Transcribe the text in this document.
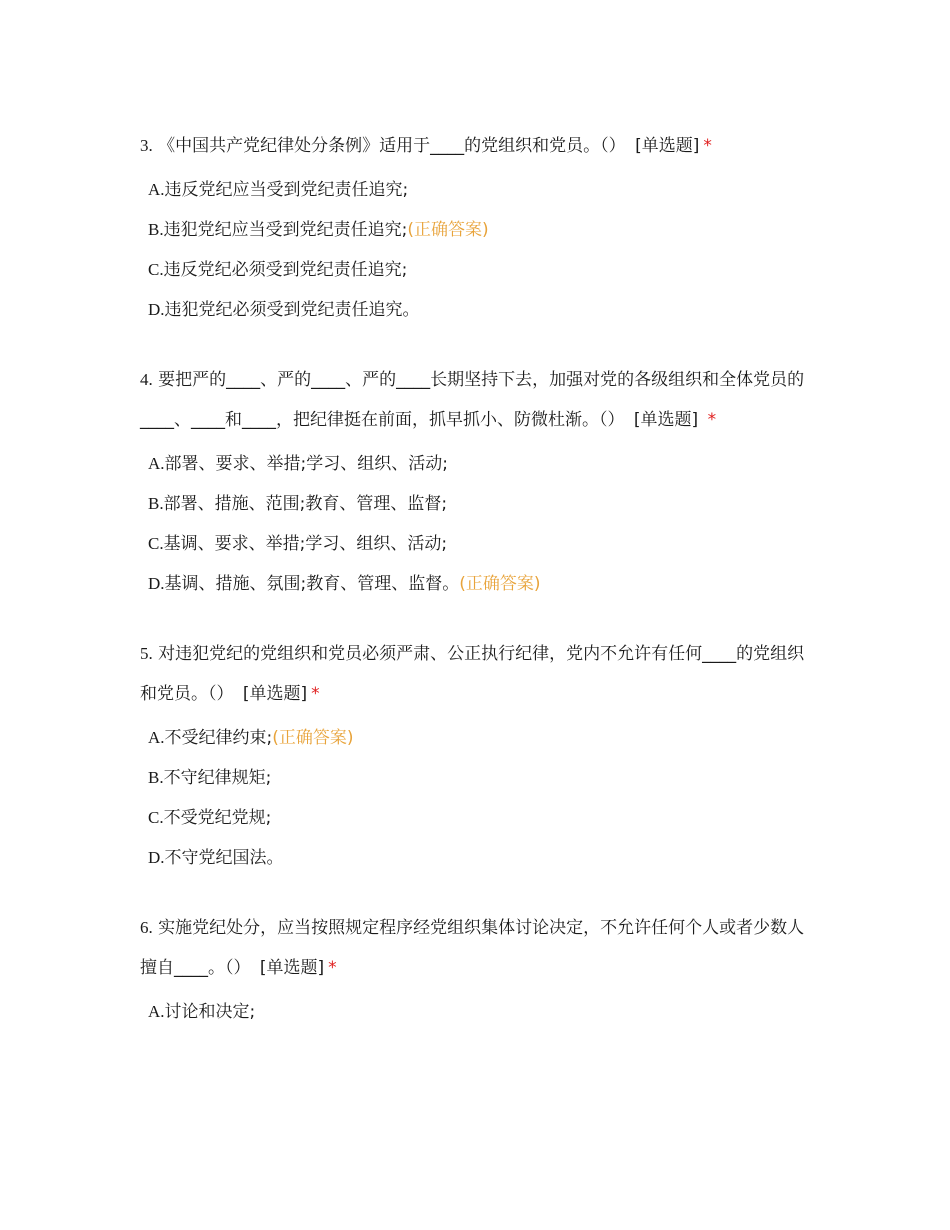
3. 《中国共产党纪律处分条例》适用于____的党组织和党员。（） [单选题] *

A.违反党纪应当受到党纪责任追究;

B.违犯党纪应当受到党纪责任追究;(正确答案)

C.违反党纪必须受到党纪责任追究;

D.违犯党纪必须受到党纪责任追究。

4. 要把严的____、严的____、严的____长期坚持下去，加强对党的各级组织和全体党员的____、____和____，把纪律挺在前面，抓早抓小、防微杜渐。（） [单选题] *

A.部署、要求、举措;学习、组织、活动;

B.部署、措施、范围;教育、管理、监督;

C.基调、要求、举措;学习、组织、活动;

D.基调、措施、氛围;教育、管理、监督。(正确答案)

5. 对违犯党纪的党组织和党员必须严肃、公正执行纪律，党内不允许有任何____的党组织和党员。（） [单选题] *

A.不受纪律约束;(正确答案)

B.不守纪律规矩;

C.不受党纪党规;

D.不守党纪国法。

6. 实施党纪处分，应当按照规定程序经党组织集体讨论决定，不允许任何个人或者少数人擅自____。（） [单选题] *

A.讨论和决定;
